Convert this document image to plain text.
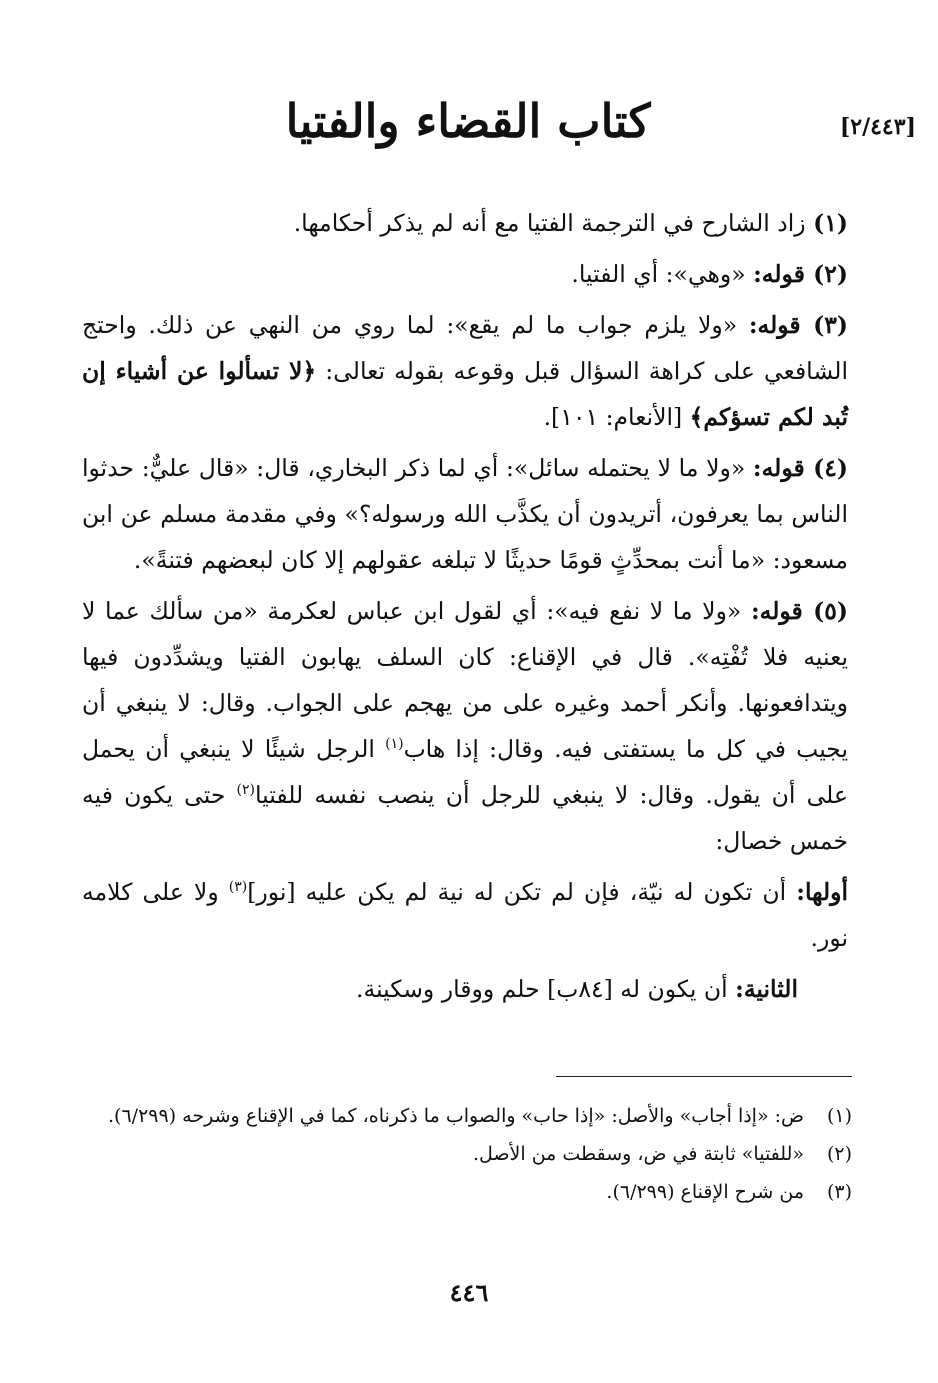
[٢/٤٤٣]
كتاب القضاء والفتيا

(١) زاد الشارح في الترجمة الفتيا مع أنه لم يذكر أحكامها.

(٢) قوله: «وهي»: أي الفتيا.

(٣) قوله: «ولا يلزم جواب ما لم يقع»: لما روي من النهي عن ذلك. واحتج الشافعي على كراهة السؤال قبل وقوعه بقوله تعالى: ﴿لا تسألوا عن أشياء إن تُبد لكم تسؤكم﴾ [الأنعام: ١٠١].

(٤) قوله: «ولا ما لا يحتمله سائل»: أي لما ذكر البخاري، قال: «قال عليٌّ: حدثوا الناس بما يعرفون، أتريدون أن يكذَّب الله ورسوله؟» وفي مقدمة مسلم عن ابن مسعود: «ما أنت بمحدِّثٍ قومًا حديثًا لا تبلغه عقولهم إلا كان لبعضهم فتنةً».

(٥) قوله: «ولا ما لا نفع فيه»: أي لقول ابن عباس لعكرمة «من سألك عما لا يعنيه فلا تُفْتِه». قال في الإقناع: كان السلف يهابون الفتيا ويشدِّدون فيها ويتدافعونها. وأنكر أحمد وغيره على من يهجم على الجواب. وقال: لا ينبغي أن يجيب في كل ما يستفتى فيه. وقال: إذا هاب$^{(١)}$ الرجل شيئًا لا ينبغي أن يحمل على أن يقول. وقال: لا ينبغي للرجل أن ينصب نفسه للفتيا$^{(٢)}$ حتى يكون فيه خمس خصال:

أولها: أن تكون له نيّة، فإن لم تكن له نية لم يكن عليه [نور]$^{(٣)}$ ولا على كلامه نور.

الثانية: أن يكون له [٨٤ب] حلم ووقار وسكينة.

(١)
ض: «إذا أجاب» والأصل: «إذا حاب» والصواب ما ذكرناه، كما في الإقناع وشرحه (٦/٢٩٩).
(٢)
«للفتيا» ثابتة في ض، وسقطت من الأصل.
(٣)
من شرح الإقناع (٦/٢٩٩).
٤٤٦
